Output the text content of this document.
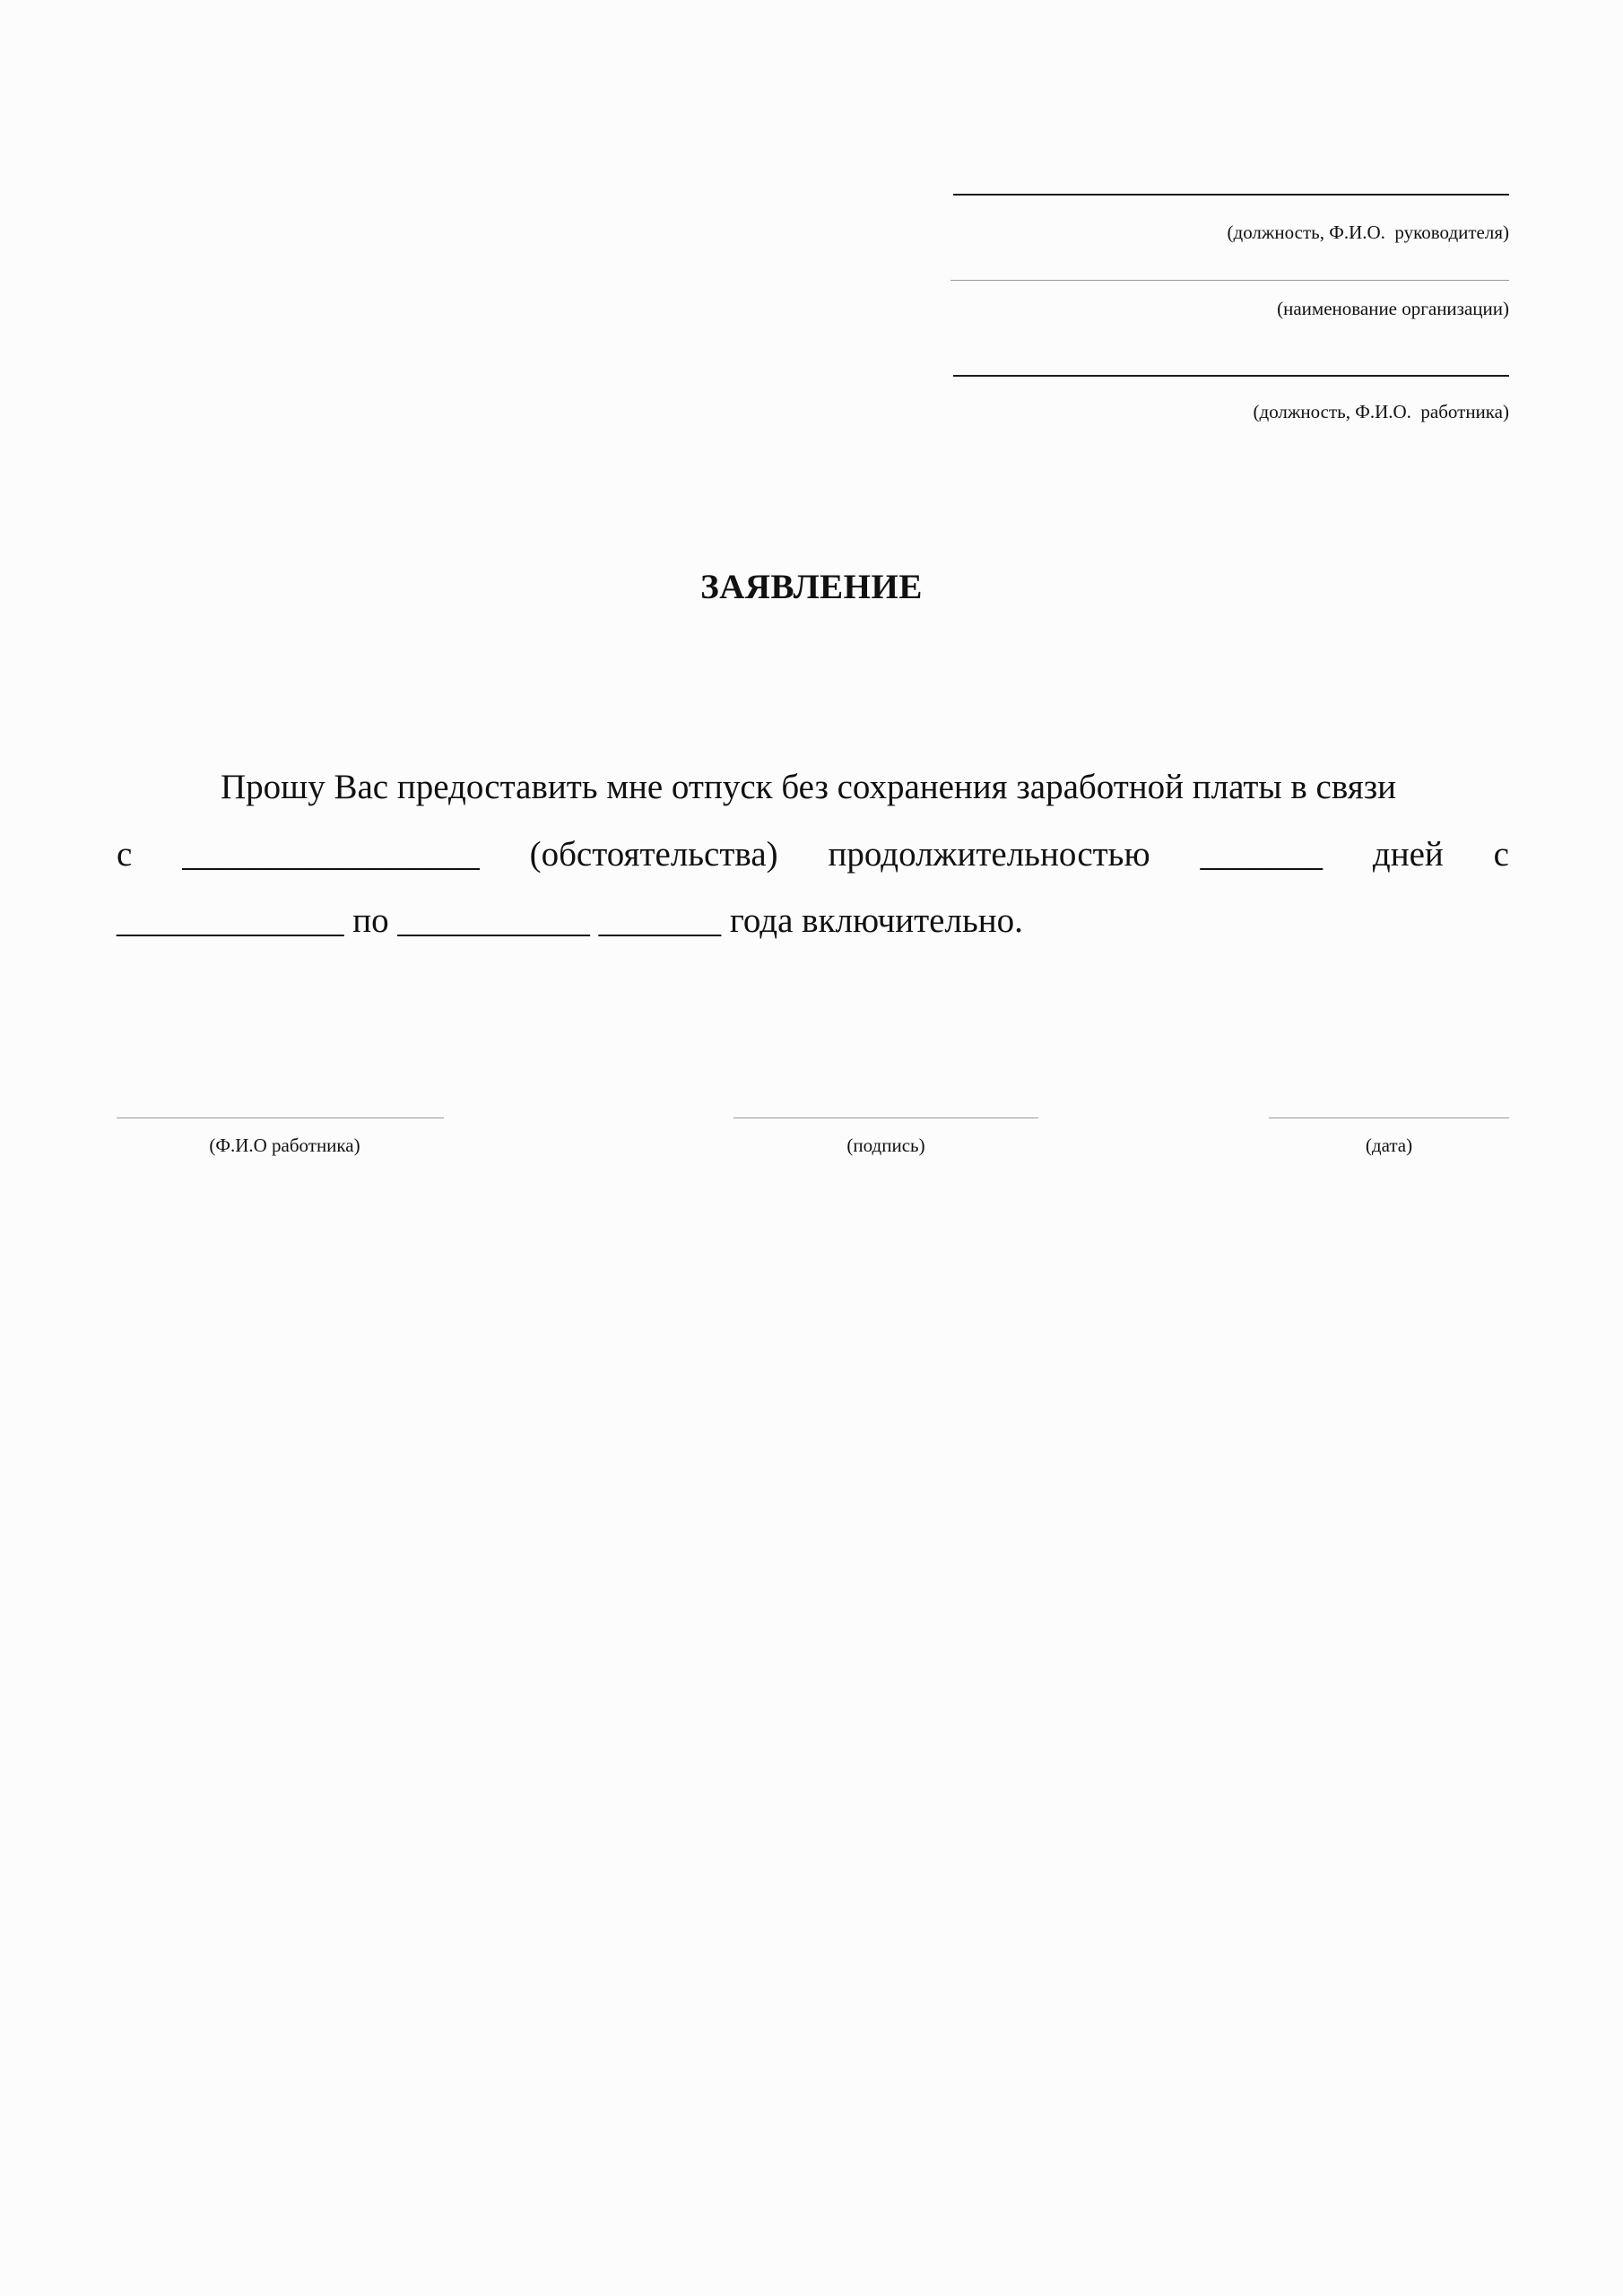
(должность, Ф.И.О.  руководителя)
(наименование организации)
(должность, Ф.И.О.  работника)
ЗАЯВЛЕНИЕ
Прошу Вас предоставить мне отпуск без сохранения заработной платы в связи
с _________________ (обстоятельства) продолжительностью _______ дней с
_____________ по ___________ _______ года включительно.
(Ф.И.О работника)	(подпись)	(дата)
